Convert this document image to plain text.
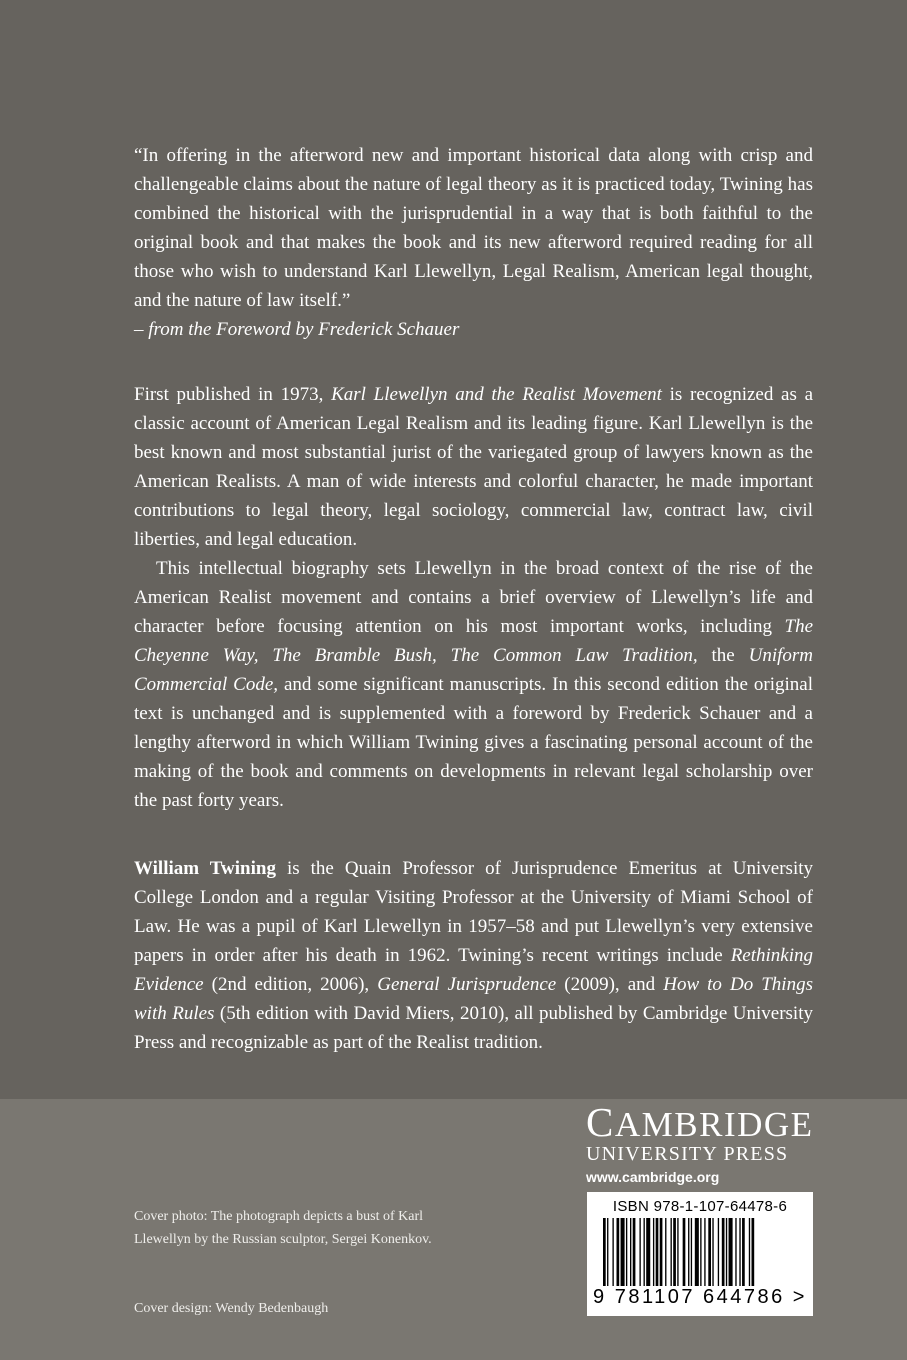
“In offering in the afterword new and important historical data along with crisp and challengeable claims about the nature of legal theory as it is practiced today, Twining has combined the historical with the jurisprudential in a way that is both faithful to the original book and that makes the book and its new afterword required reading for all those who wish to understand Karl Llewellyn, Legal Realism, American legal thought, and the nature of law itself.”

– from the Foreword by Frederick Schauer

First published in 1973, Karl Llewellyn and the Realist Movement is recognized as a classic account of American Legal Realism and its leading figure. Karl Llewellyn is the best known and most substantial jurist of the variegated group of lawyers known as the American Realists. A man of wide interests and colorful character, he made important contributions to legal theory, legal sociology, commercial law, contract law, civil liberties, and legal education.

This intellectual biography sets Llewellyn in the broad context of the rise of the American Realist movement and contains a brief overview of Llewellyn’s life and character before focusing attention on his most important works, including The Cheyenne Way, The Bramble Bush, The Common Law Tradition, the Uniform Commercial Code, and some significant manuscripts. In this second edition the original text is unchanged and is supplemented with a foreword by Frederick Schauer and a lengthy afterword in which William Twining gives a fascinating personal account of the making of the book and comments on developments in relevant legal scholarship over the past forty years.

William Twining is the Quain Professor of Jurisprudence Emeritus at University College London and a regular Visiting Professor at the University of Miami School of Law. He was a pupil of Karl Llewellyn in 1957–58 and put Llewellyn’s very extensive papers in order after his death in 1962. Twining’s recent writings include Rethinking Evidence (2nd edition, 2006), General Jurisprudence (2009), and How to Do Things with Rules (5th edition with David Miers, 2010), all published by Cambridge University Press and recognizable as part of the Realist tradition.

Cover photo: The photograph depicts a bust of Karl Llewellyn by the Russian sculptor, Sergei Konenkov.
Cover design: Wendy Bedenbaugh
CAMBRIDGE
UNIVERSITY PRESS
www.cambridge.org
ISBN 978-1-107-64478-6
9 781107 644786 >
